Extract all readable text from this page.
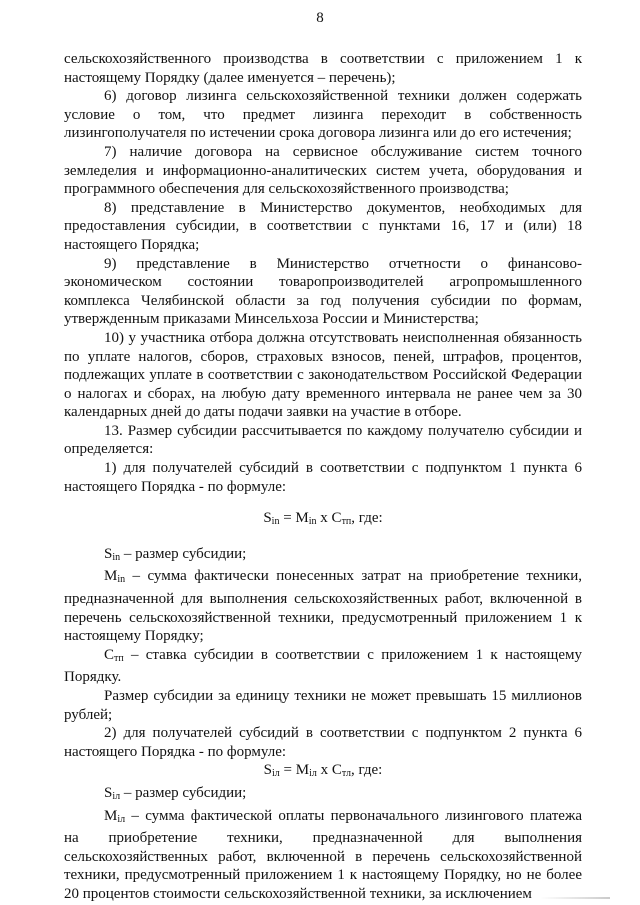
8

сельскохозяйственного производства в соответствии с приложением 1 к настоящему Порядку (далее именуется – перечень);

6) договор лизинга сельскохозяйственной техники должен содержать условие о том, что предмет лизинга переходит в собственность лизингополучателя по истечении срока договора лизинга или до его истечения;

7) наличие договора на сервисное обслуживание систем точного земледелия и информационно-аналитических систем учета, оборудования и программного обеспечения для сельскохозяйственного производства;

8) представление в Министерство документов, необходимых для предоставления субсидии, в соответствии с пунктами 16, 17 и (или) 18 настоящего Порядка;

9) представление в Министерство отчетности о финансово-экономическом состоянии товаропроизводителей агропромышленного комплекса Челябинской области за год получения субсидии по формам, утвержденным приказами Минсельхоза России и Министерства;

10) у участника отбора должна отсутствовать неисполненная обязанность по уплате налогов, сборов, страховых взносов, пеней, штрафов, процентов, подлежащих уплате в соответствии с законодательством Российской Федерации о налогах и сборах, на любую дату временного интервала не ранее чем за 30 календарных дней до даты подачи заявки на участие в отборе.

13. Размер субсидии рассчитывается по каждому получателю субсидии и определяется:

1) для получателей субсидий в соответствии с подпунктом 1 пункта 6 настоящего Порядка - по формуле:

$S_{in} = M_{in}$ x $C_{тп}$, где:

$S_{in}$ – размер субсидии;

$M_{in}$ – сумма фактически понесенных затрат на приобретение техники, предназначенной для выполнения сельскохозяйственных работ, включенной в перечень сельскохозяйственной техники, предусмотренный приложением 1 к настоящему Порядку;

$C_{тп}$ – ставка субсидии в соответствии с приложением 1 к настоящему Порядку.

Размер субсидии за единицу техники не может превышать 15 миллионов рублей;

2) для получателей субсидий в соответствии с подпунктом 2 пункта 6 настоящего Порядка - по формуле:

$S_{iл} = M_{iл}$ x $C_{тл}$, где:

$S_{iл}$ – размер субсидии;

$M_{iл}$ – сумма фактической оплаты первоначального лизингового платежа на приобретение техники, предназначенной для выполнения сельскохозяйственных работ, включенной в перечень сельскохозяйственной техники, предусмотренный приложением 1 к настоящему Порядку, но не более 20 процентов стоимости сельскохозяйственной техники, за исключением
